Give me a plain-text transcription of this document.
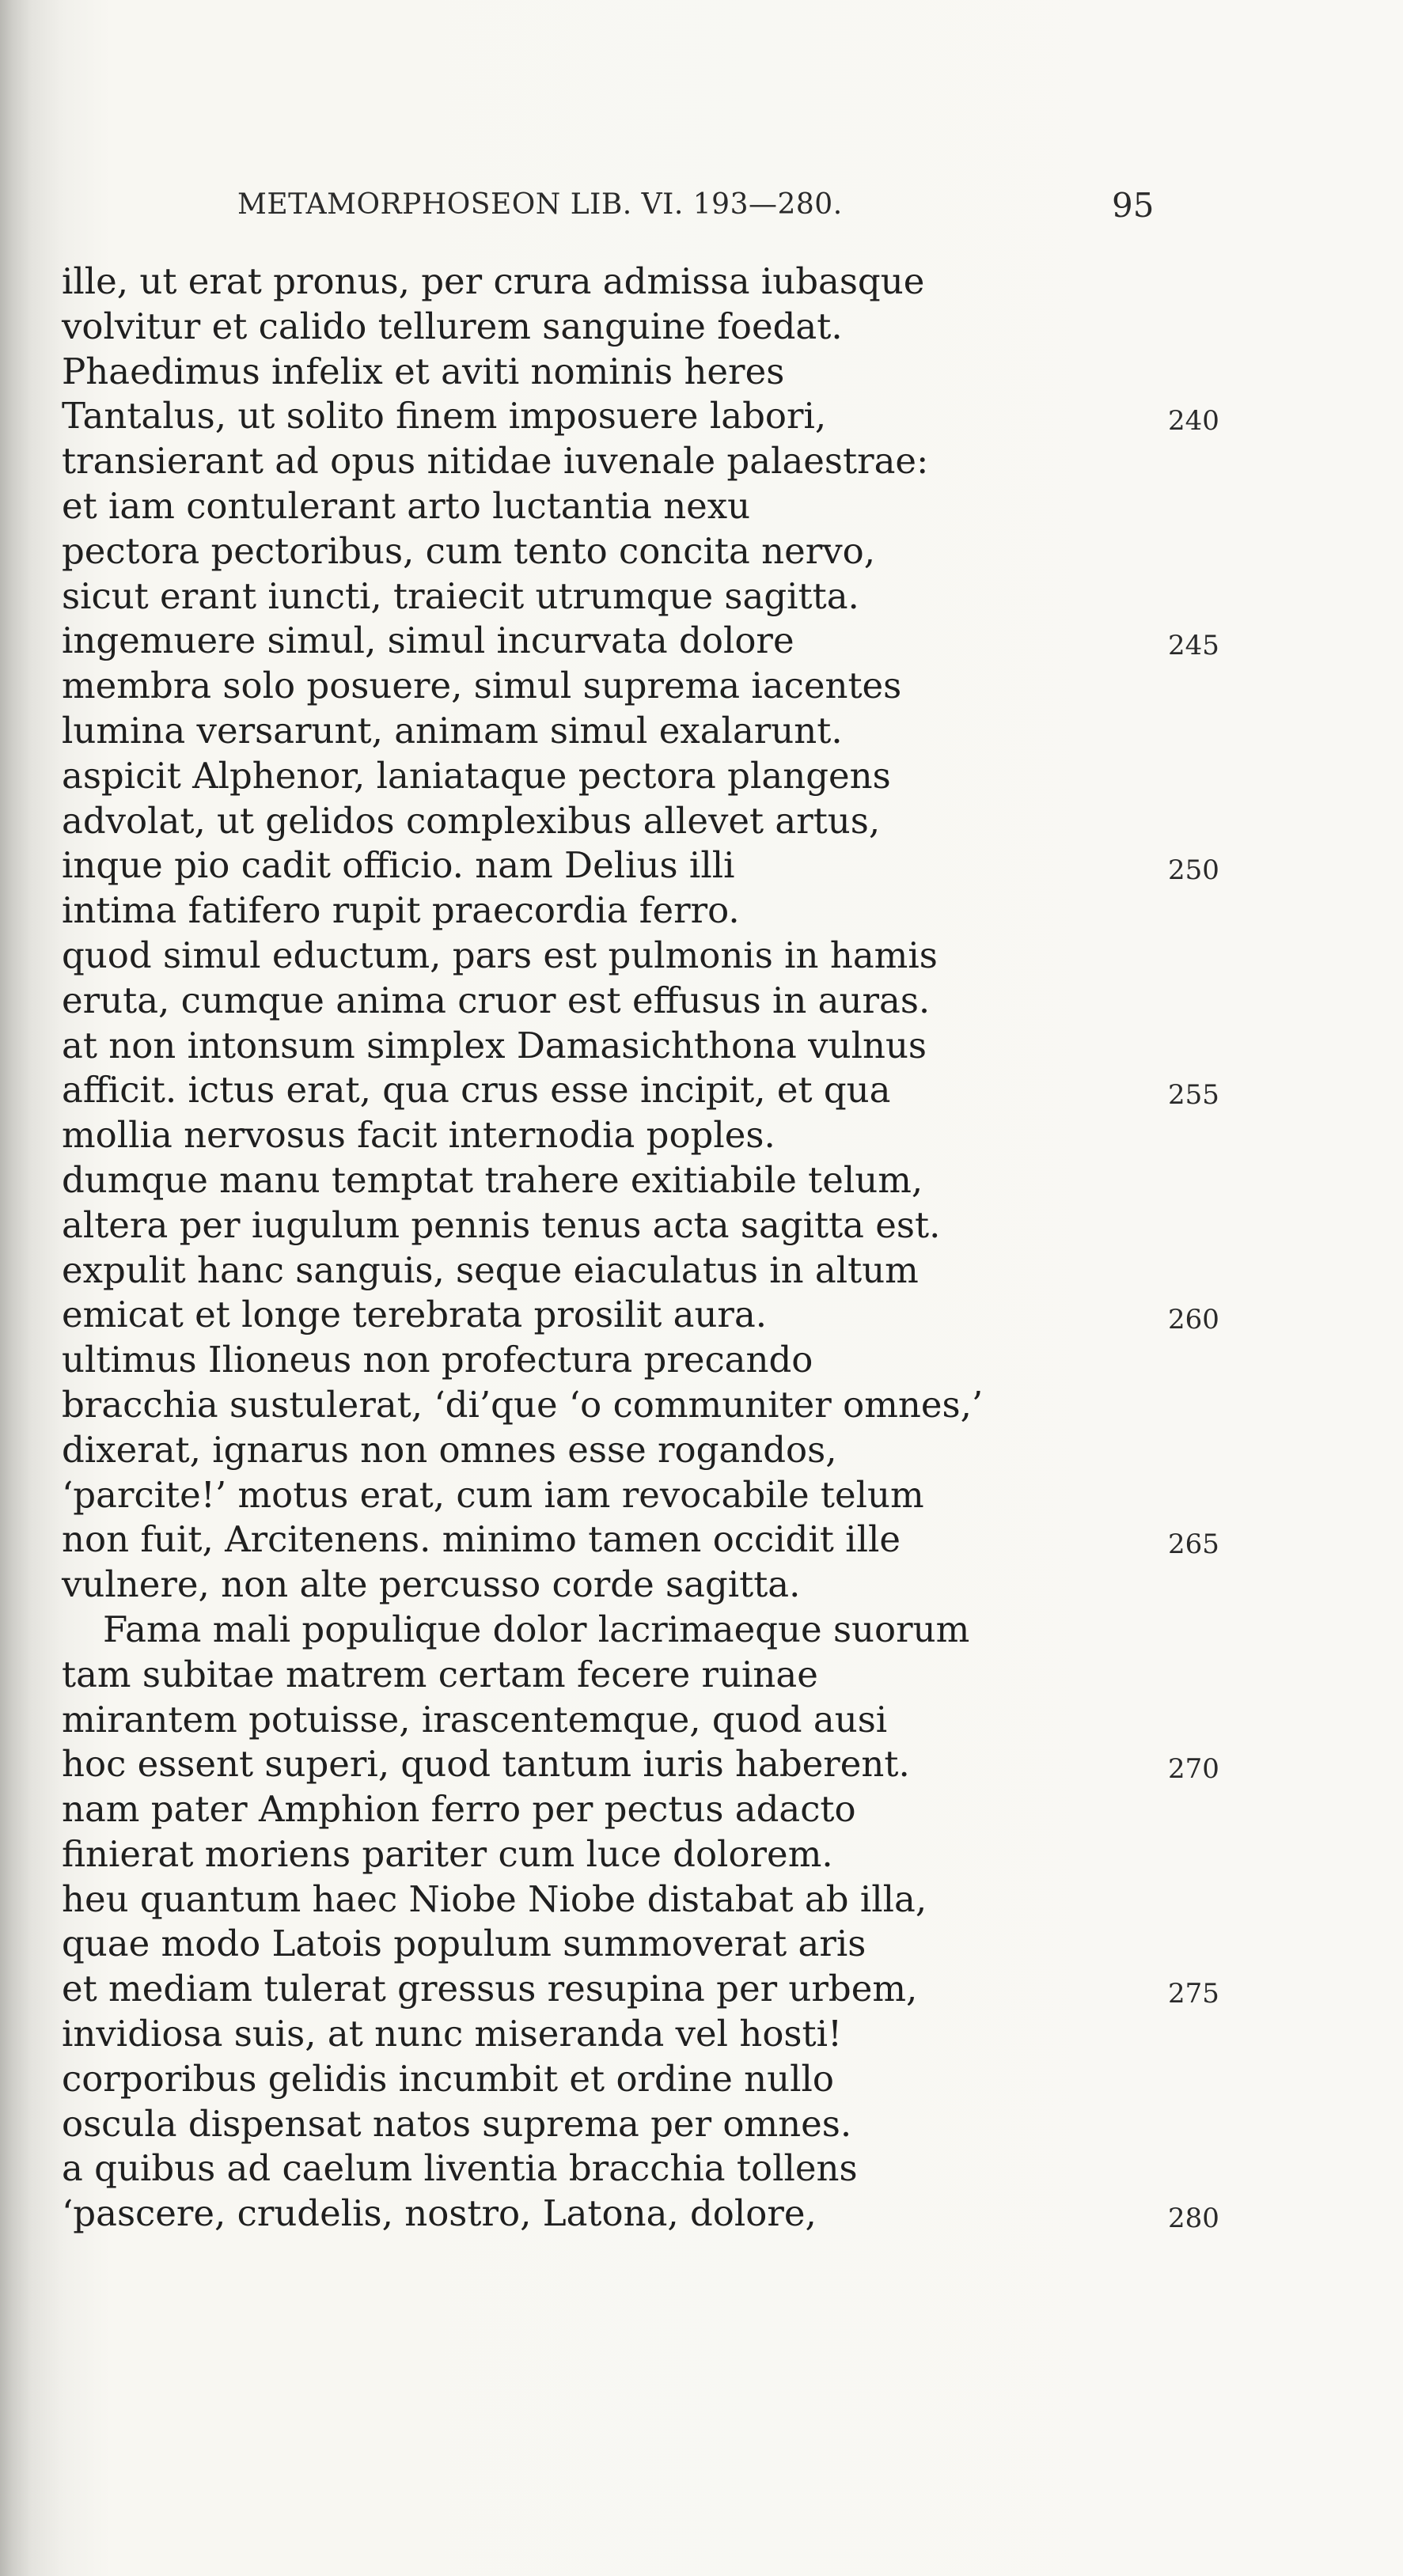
METAMORPHOSEON LIB. VI. 193—280.	95
ille, ut erat pronus, per crura admissa iubasque
volvitur et calido tellurem sanguine foedat.
Phaedimus infelix et aviti nominis heres
Tantalus, ut solito finem imposuere labori,	240
transierant ad opus nitidae iuvenale palaestrae:
et iam contulerant arto luctantia nexu
pectora pectoribus, cum tento concita nervo,
sicut erant iuncti, traiecit utrumque sagitta.
ingemuere simul, simul incurvata dolore	245
membra solo posuere, simul suprema iacentes
lumina versarunt, animam simul exalarunt.
aspicit Alphenor, laniataque pectora plangens
advolat, ut gelidos complexibus allevet artus,
inque pio cadit officio. nam Delius illi	250
intima fatifero rupit praecordia ferro.
quod simul eductum, pars est pulmonis in hamis
eruta, cumque anima cruor est effusus in auras.
at non intonsum simplex Damasichthona vulnus
afficit. ictus erat, qua crus esse incipit, et qua	255
mollia nervosus facit internodia poples.
dumque manu temptat trahere exitiabile telum,
altera per iugulum pennis tenus acta sagitta est.
expulit hanc sanguis, seque eiaculatus in altum
emicat et longe terebrata prosilit aura.	260
ultimus Ilioneus non profectura precando
bracchia sustulerat, ‘di’que ‘o communiter omnes,’
dixerat, ignarus non omnes esse rogandos,
‘parcite!’ motus erat, cum iam revocabile telum
non fuit, Arcitenens. minimo tamen occidit ille	265
vulnere, non alte percusso corde sagitta.
Fama mali populique dolor lacrimaeque suorum
tam subitae matrem certam fecere ruinae
mirantem potuisse, irascentemque, quod ausi
hoc essent superi, quod tantum iuris haberent.	270
nam pater Amphion ferro per pectus adacto
finierat moriens pariter cum luce dolorem.
heu quantum haec Niobe Niobe distabat ab illa,
quae modo Latois populum summoverat aris
et mediam tulerat gressus resupina per urbem,	275
invidiosa suis, at nunc miseranda vel hosti!
corporibus gelidis incumbit et ordine nullo
oscula dispensat natos suprema per omnes.
a quibus ad caelum liventia bracchia tollens
‘pascere, crudelis, nostro, Latona, dolore,	280
